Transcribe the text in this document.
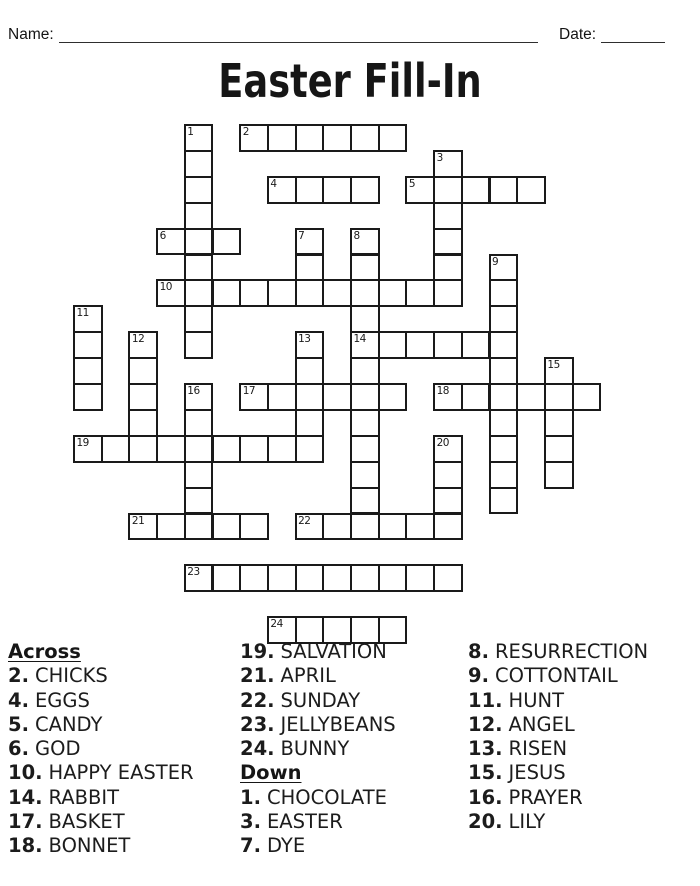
Name:	Date:
Easter Fill-In
1	2
3
4	5
6	7	8
9
10
11
12	13	14
15
16	17	18
19	20
21	22
23
24
Across
2. CHICKS
4. EGGS
5. CANDY
6. GOD
10. HAPPY EASTER
14. RABBIT
17. BASKET
18. BONNET
19. SALVATION
21. APRIL
22. SUNDAY
23. JELLYBEANS
24. BUNNY
Down
1. CHOCOLATE
3. EASTER
7. DYE
8. RESURRECTION
9. COTTONTAIL
11. HUNT
12. ANGEL
13. RISEN
15. JESUS
16. PRAYER
20. LILY
